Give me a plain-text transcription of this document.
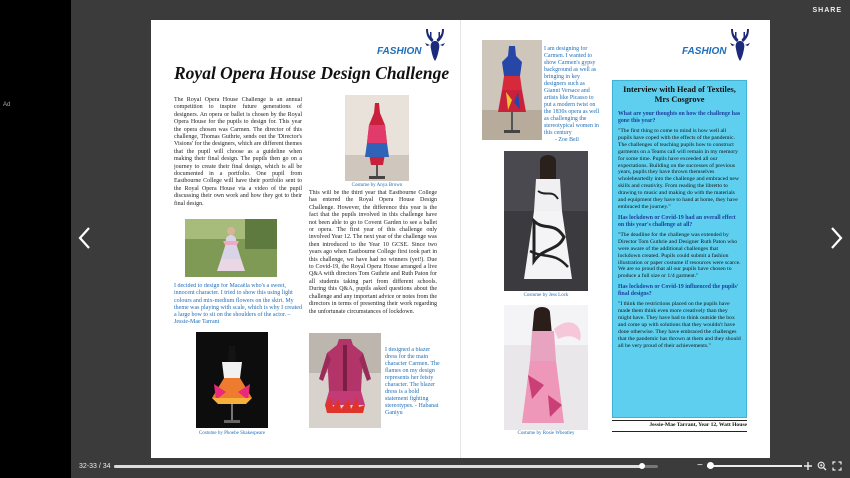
Ad
SHARE
FASHION
Royal Opera House Design Challenge
The Royal Opera House Challenge is an annual competition to inspire future generations of designers. An opera or ballet is chosen by the Royal Opera House for the pupils to design for. This year the opera chosen was Carmen. The director of this challenge, Thomas Guthrie, sends out the 'Director's Visions' for the designers, which are different themes that the pupil will choose as a guideline when making their final design. The pupils then go on a journey to create their final design, which is all be documented in a portfolio. One pupil from Eastbourne College will have their portfolio sent to the Royal Opera House via a video of the pupil discussing their own work and how they got to their final design.
Costume by Anya Brown
This will be the third year that Eastbourne College has entered the Royal Opera House Design Challenge. However, the difference this year is the fact that the pupils involved in this challenge have not been able to go to Covent Garden to see a ballet or opera. The first year of this challenge only involved Year 12. The next year of the challenge was then introduced to the Year 10 GCSE. Since two years ago when Eastbourne College first took part in this challenge, we have had no winners (yet!). Due to Covid-19, the Royal Opera House arranged a live Q&A with directors Tom Guthrie and Ruth Paton for all students taking part from different schools. During this Q&A, pupils asked questions about the challenge and any important advice or notes from the directors in terms of presenting their work regarding the unfortunate circumstances of lockdown.
I decided to design for Macaëla who's a sweet, innocent character. I tried to show this using light colours and mix-medium flowers on the skirt. My theme was playing with scale, which is why I created a large bow to sit on the shoulders of the actor. – Jessie-Mae Tarrant
Costume by Phoebe Shakespeare
I designed a blazer dress for the main character Carmen. The flames on my design represents her feisty character. The blazer dress is a bold statement fighting stereotypes. - Habanat Ganiyu
I am designing for Carmen. I wanted to show Carmen's gypsy background as well as bringing in key designers such as Gianni Versace and artists like Picasso to put a modern twist on the 1830s opera as well as challenging the stereotypical women in this century
- Zoe Bell
FASHION
Costume by Jess Lock
Costume by Rosie Wheatley
Interview with Head of Textiles,
Mrs Cosgrove
What are your thoughts on how the challenge has gone this year?
"The first thing to come to mind is how well all pupils have coped with the effects of the pandemic. The challenges of teaching pupils how to construct garments on a Teams call will remain in my memory for some time. Pupils have exceeded all our expectations. Building on the successes of previous years, pupils they have thrown themselves wholeheartedly into the challenge and embraced new skills and creativity. From reading the libretto to drawing to music and making do with the materials and equipment they have to hand at home, they have embraced the journey."
Has lockdown or Covid-19 had an overall effect on this year's challenge at all?
"The deadline for the challenge was extended by Director Tom Guthrie and Designer Ruth Paton who were aware of the additional challenges that lockdown created. Pupils could submit a fashion illustration or paper costume if resources were scarce. We are so proud that all our pupils have chosen to produce a full size or 1/4 garment."
Has lockdown or Covid-19 influenced the pupils' final designs?
"I think the restrictions placed on the pupils have made them think even more creatively than they might have. They have had to think outside the box and come up with solutions that they wouldn't have done otherwise. They have embraced the challenges that the pandemic has thrown at them and they should all be very proud of their achievements."
Jessie-Mae Tarrant, Year 12, Watt House
32-33 / 34	−
